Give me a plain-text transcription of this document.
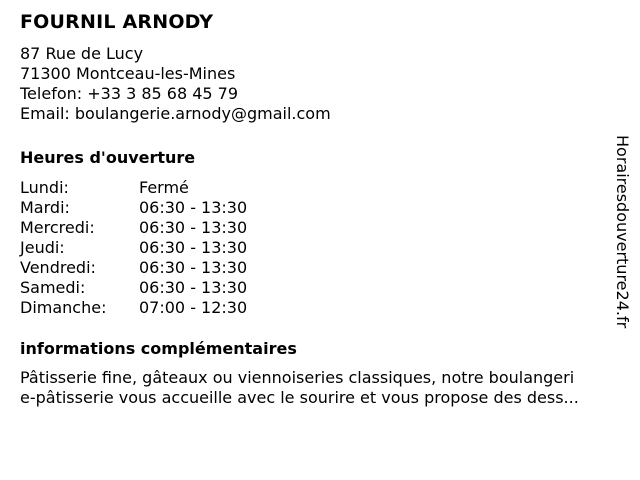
FOURNIL ARNODY
87 Rue de Lucy
71300 Montceau-les-Mines
Telefon: +33 3 85 68 45 79
Email: boulangerie.arnody@gmail.com
Heures d'ouverture
Lundi:	Fermé
Mardi:	06:30 - 13:30
Mercredi:	06:30 - 13:30
Jeudi:	06:30 - 13:30
Vendredi:	06:30 - 13:30
Samedi:	06:30 - 13:30
Dimanche:	07:00 - 12:30
informations complémentaires
Pâtisserie fine, gâteaux ou viennoiseries classiques, notre boulangeri
e-pâtisserie vous accueille avec le sourire et vous propose des dess...
Horairesdouverture24.fr
